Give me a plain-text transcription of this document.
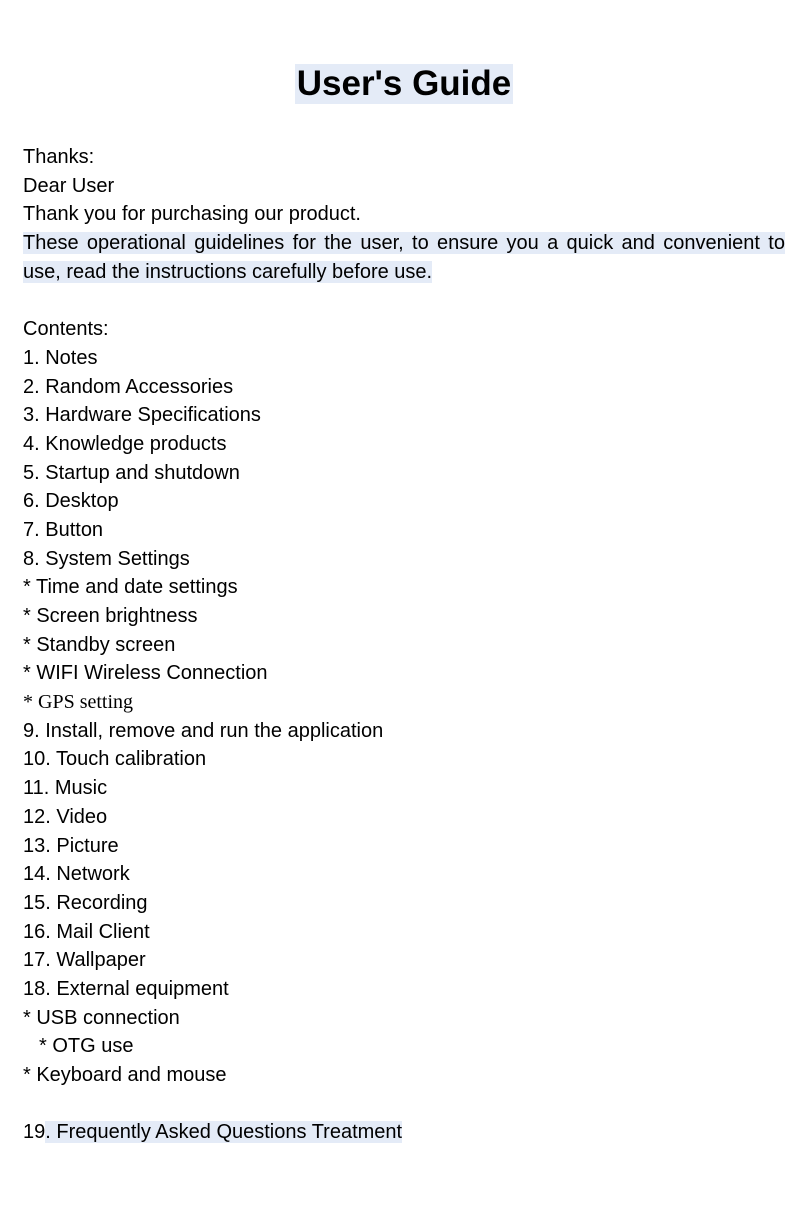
User's Guide
Thanks:
Dear User
Thank you for purchasing our product.
These operational guidelines for the user, to ensure you a quick and convenient to
use, read the instructions carefully before use.
Contents:
1. Notes
2. Random Accessories
3. Hardware Specifications
4. Knowledge products
5. Startup and shutdown
6. Desktop
7. Button
8. System Settings
* Time and date settings
* Screen brightness
* Standby screen
* WIFI Wireless Connection
* GPS setting
9. Install, remove and run the application
10. Touch calibration
11. Music
12. Video
13. Picture
14. Network
15. Recording
16. Mail Client
17. Wallpaper
18. External equipment
* USB connection
* OTG use
* Keyboard and mouse
19. Frequently Asked Questions Treatment
